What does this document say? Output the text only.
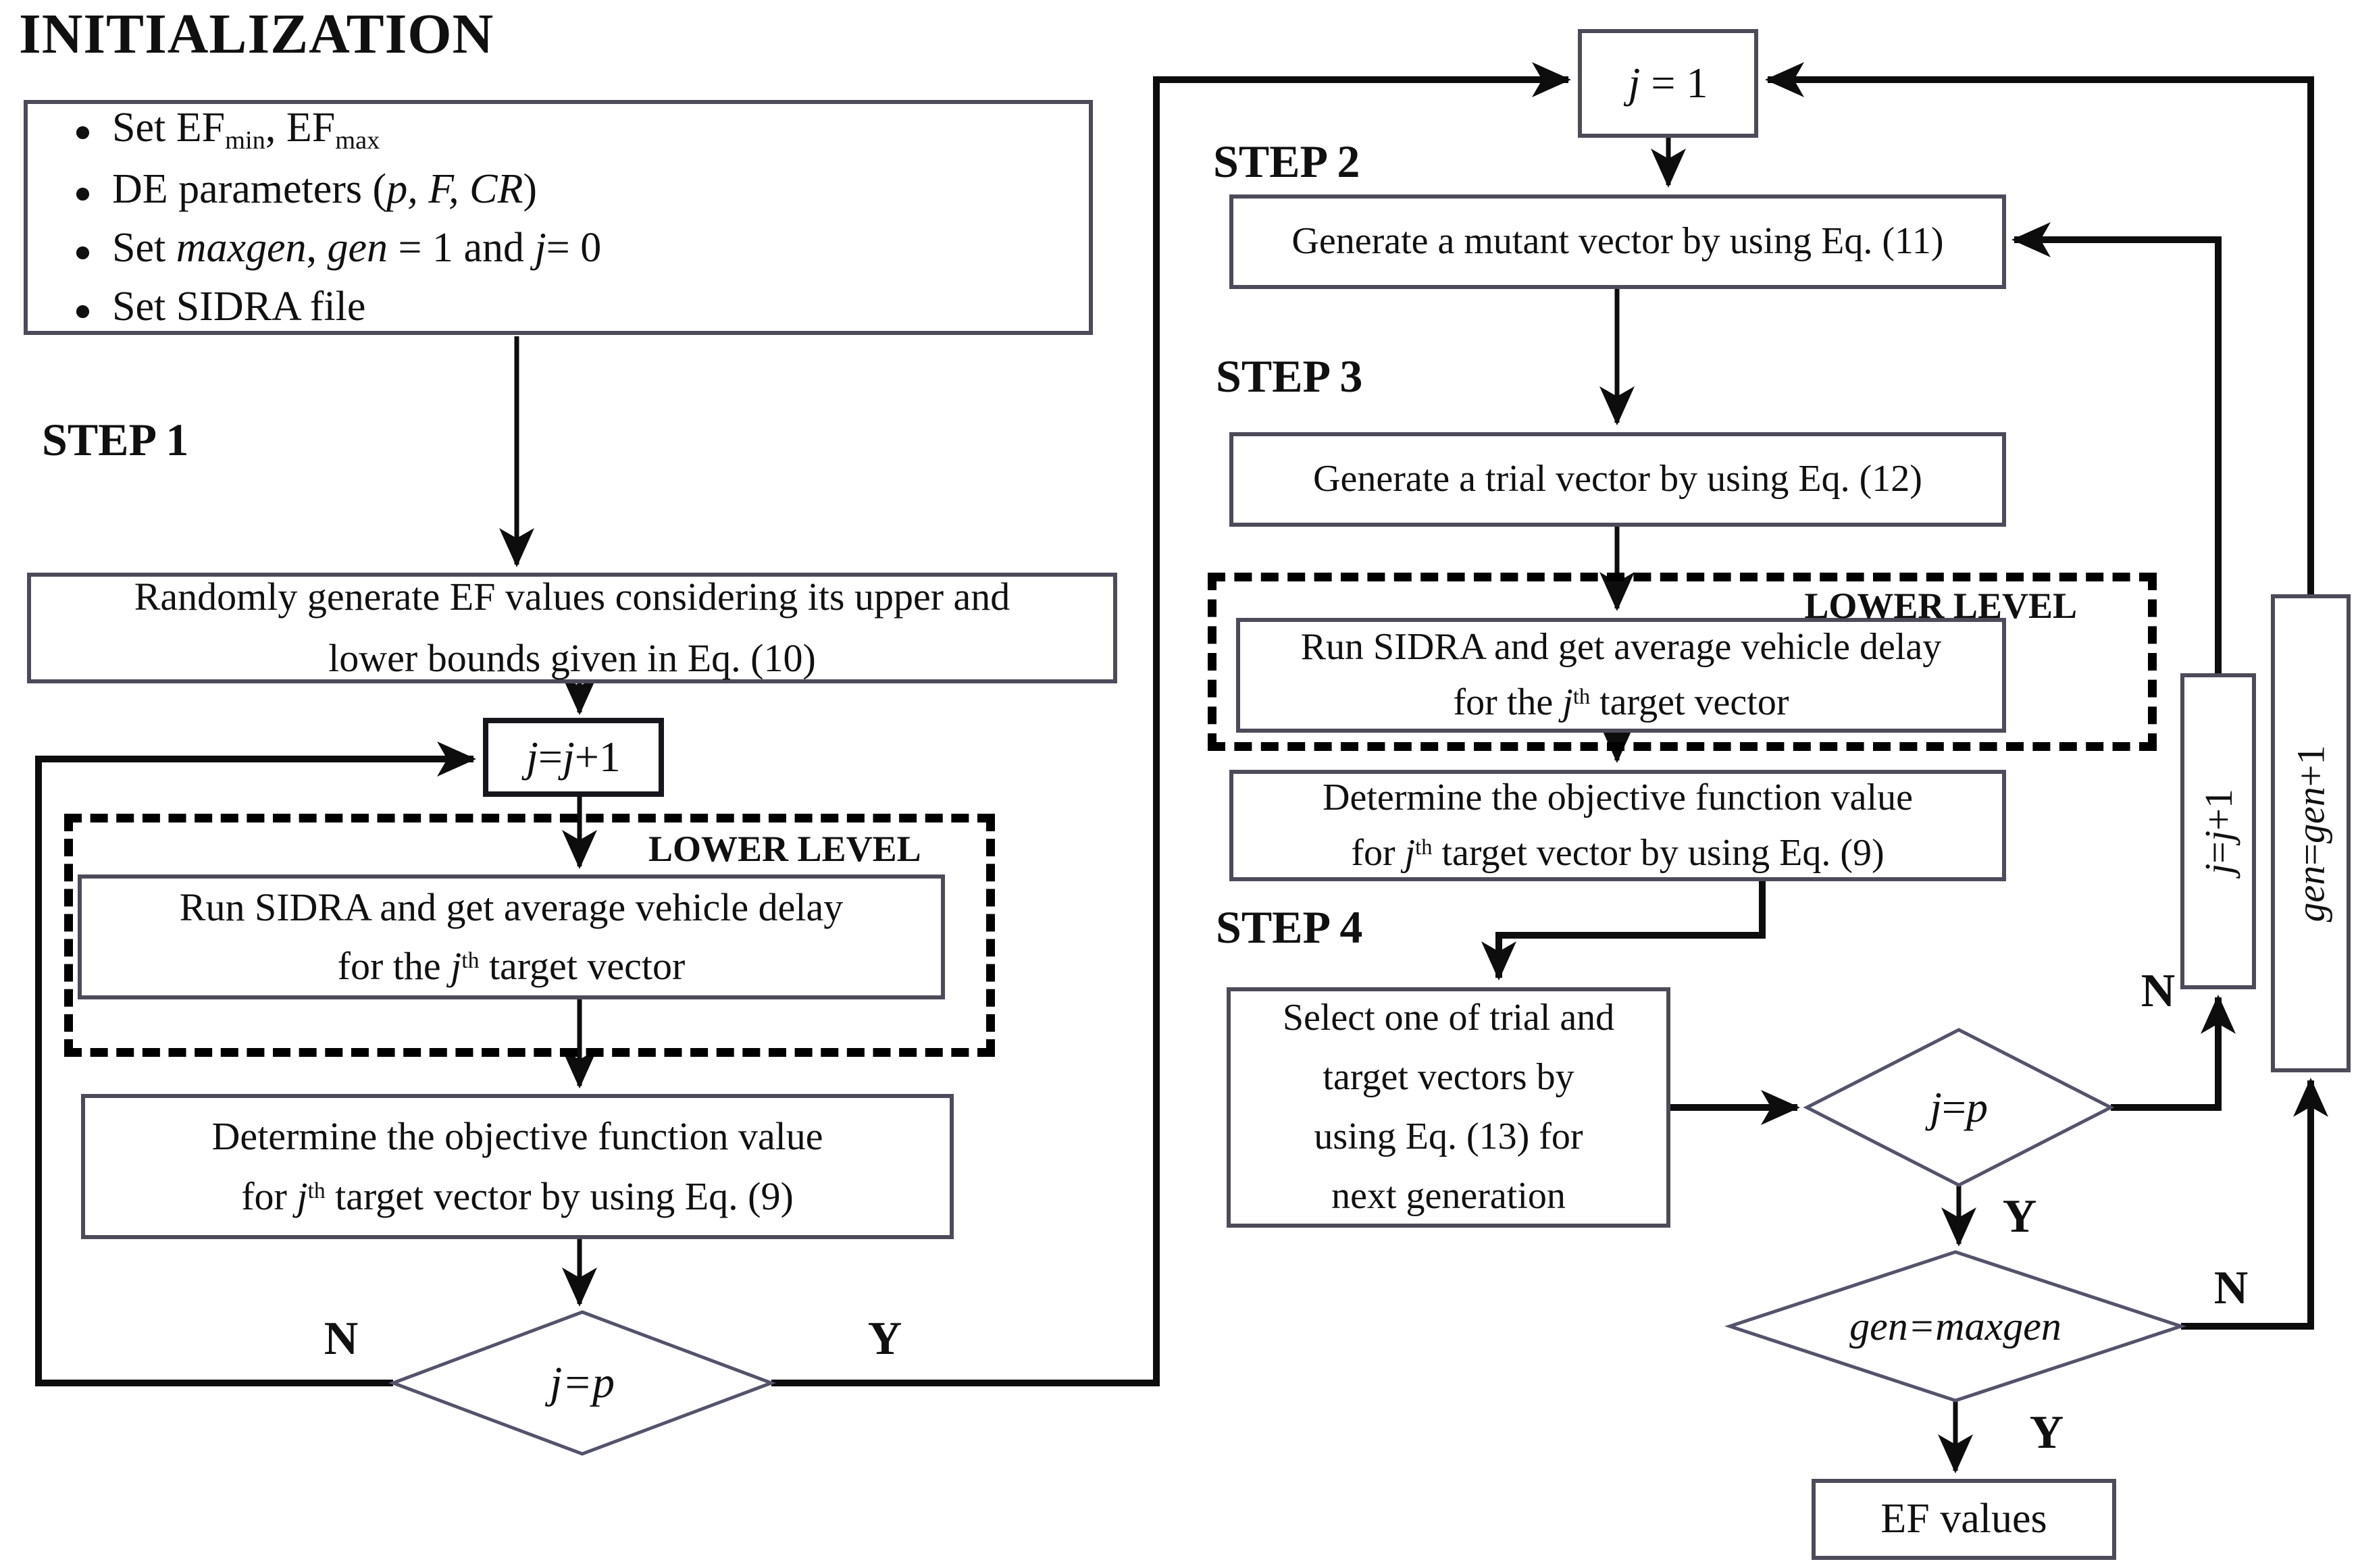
INITIALIZATION
STEP 1
STEP 2
STEP 3
STEP 4
● Set $EF_{min}$, $EF_{max}$
● DE parameters (p, F, CR)
● Set maxgen, gen = 1 and j= 0
● Set SIDRA file
Randomly generate EF values considering its upper and
lower bounds given in Eq. (10)
j=j+1
LOWER LEVEL
Run SIDRA and get average vehicle delay
for the $j^{th}$ target vector
Determine the objective function value
for $j^{th}$ target vector by using Eq. (9)
j = p
N	Y
j = 1
Generate a mutant vector by using Eq. (11)
Generate a trial vector by using Eq. (12)
LOWER LEVEL
Run SIDRA and get average vehicle delay
for the $j^{th}$ target vector
Determine the objective function value
for $j^{th}$ target vector by using Eq. (9)
Select one of trial and
target vectors by
using Eq. (13) for
next generation
j = p
N
Y
gen=maxgen
N
Y
EF values
j=j+1
gen=gen+1
